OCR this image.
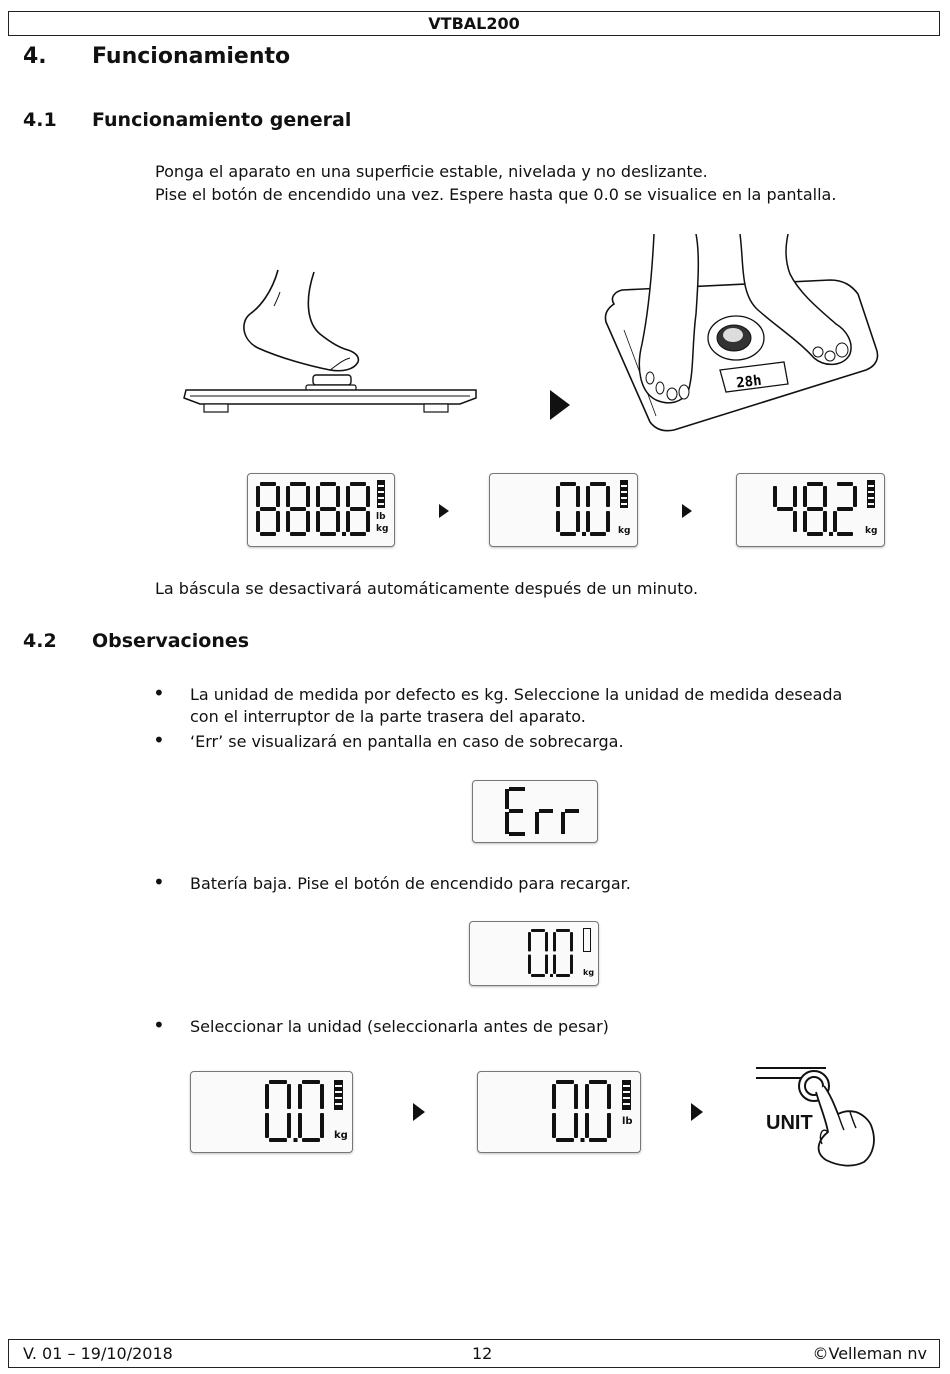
VTBAL200
4. Funcionamiento
4.1 Funcionamiento general
Ponga el aparato en una superficie estable, nivelada y no deslizante.
Pise el botón de encendido una vez. Espere hasta que 0.0 se visualice en la pantalla.
28h
lb
kg	kg	kg
La báscula se desactivará automáticamente después de un minuto.
4.2 Observaciones
• La unidad de medida por defecto es kg. Seleccione la unidad de medida deseada
con el interruptor de la parte trasera del aparato.
• ‘Err’ se visualizará en pantalla en caso de sobrecarga.
• Batería baja. Pise el botón de encendido para recargar.
kg
• Seleccionar la unidad (seleccionarla antes de pesar)
kg
lb	UNIT
V. 01 – 19/10/2018	12	©Velleman nv
